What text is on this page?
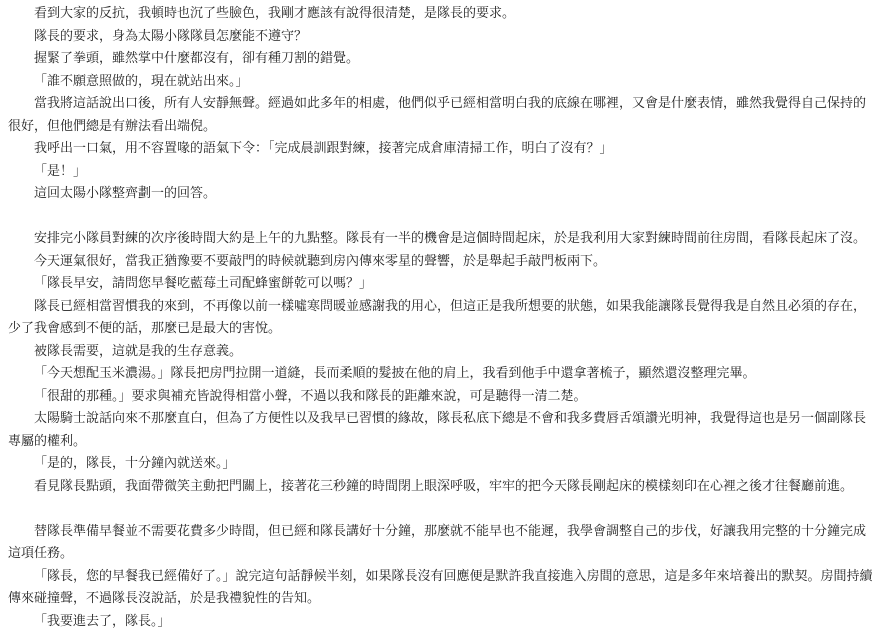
看到大家的反抗，我頓時也沉了些臉色，我剛才應該有說得很清楚，是隊長的要求。

隊長的要求，身為太陽小隊隊員怎麼能不遵守？

握緊了拳頭，雖然掌中什麼都沒有，卻有種刀割的錯覺。

「誰不願意照做的，現在就站出來。」

當我將這話說出口後，所有人安靜無聲。經過如此多年的相處，他們似乎已經相當明白我的底線在哪裡，又會是什麼表情，雖然我覺得自己保持的很好，但他們總是有辦法看出端倪。

我呼出一口氣，用不容置喙的語氣下令：「完成晨訓跟對練，接著完成倉庫清掃工作，明白了沒有？」

「是！」

這回太陽小隊整齊劃一的回答。

安排完小隊員對練的次序後時間大約是上午的九點整。隊長有一半的機會是這個時間起床，於是我利用大家對練時間前往房間，看隊長起床了沒。

今天運氣很好，當我正猶豫要不要敲門的時候就聽到房內傳來零星的聲響，於是舉起手敲門板兩下。

「隊長早安，請問您早餐吃藍莓土司配蜂蜜餅乾可以嗎？」

隊長已經相當習慣我的來到，不再像以前一樣噓寒問暖並感謝我的用心，但這正是我所想要的狀態，如果我能讓隊長覺得我是自然且必須的存在，少了我會感到不便的話，那麼已是最大的害悅。

被隊長需要，這就是我的生存意義。

「今天想配玉米濃湯。」隊長把房門拉開一道縫，長而柔順的髮披在他的肩上，我看到他手中還拿著梳子，顯然還沒整理完畢。

「很甜的那種。」要求與補充皆說得相當小聲，不過以我和隊長的距離來說，可是聽得一清二楚。

太陽騎士說話向來不那麼直白，但為了方便性以及我早已習慣的緣故，隊長私底下總是不會和我多費唇舌頌讚光明神，我覺得這也是另一個副隊長專屬的權利。

「是的，隊長，十分鐘內就送來。」

看見隊長點頭，我面帶微笑主動把門關上，接著花三秒鐘的時間閉上眼深呼吸，牢牢的把今天隊長剛起床的模樣刻印在心裡之後才往餐廳前進。

替隊長準備早餐並不需要花費多少時間，但已經和隊長講好十分鐘，那麼就不能早也不能遲，我學會調整自己的步伐，好讓我用完整的十分鐘完成這項任務。

「隊長，您的早餐我已經備好了。」說完這句話靜候半刻，如果隊長沒有回應便是默許我直接進入房間的意思，這是多年來培養出的默契。房間持續傳來碰撞聲，不過隊長沒說話，於是我禮貌性的告知。

「我要進去了，隊長。」
